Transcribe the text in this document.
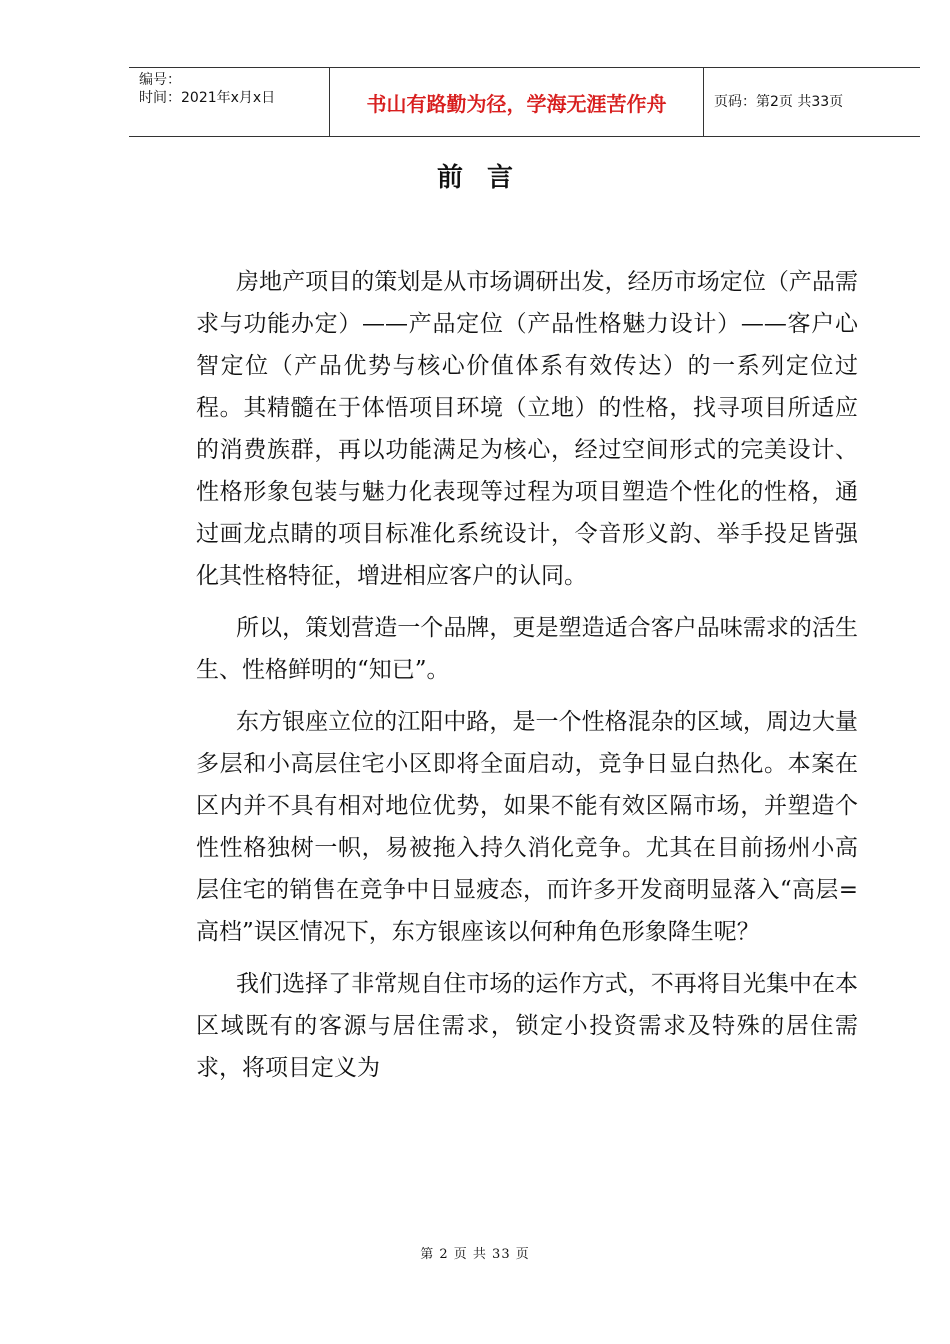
编号：
时间：2021年x月x日	书山有路勤为径，学海无涯苦作舟	页码：第2页 共33页
前言

房地产项目的策划是从市场调研出发，经历市场定位（产品需求与功能办定）——产品定位（产品性格魅力设计）——客户心智定位（产品优势与核心价值体系有效传达）的一系列定位过程。其精髓在于体悟项目环境（立地）的性格，找寻项目所适应的消费族群，再以功能满足为核心，经过空间形式的完美设计、性格形象包装与魅力化表现等过程为项目塑造个性化的性格，通过画龙点睛的项目标准化系统设计，令音形义韵、举手投足皆强化其性格特征，增进相应客户的认同。

所以，策划营造一个品牌，更是塑造适合客户品味需求的活生生、性格鲜明的“知已”。

东方银座立位的江阳中路，是一个性格混杂的区域，周边大量多层和小高层住宅小区即将全面启动，竞争日显白热化。本案在区内并不具有相对地位优势，如果不能有效区隔市场，并塑造个性性格独树一帜，易被拖入持久消化竞争。尤其在目前扬州小高层住宅的销售在竞争中日显疲态，而许多开发商明显落入“高层=高档”误区情况下，东方银座该以何种角色形象降生呢？

我们选择了非常规自住市场的运作方式，不再将目光集中在本区域既有的客源与居住需求，锁定小投资需求及特殊的居住需求，将项目定义为

第 2 页 共 33 页
